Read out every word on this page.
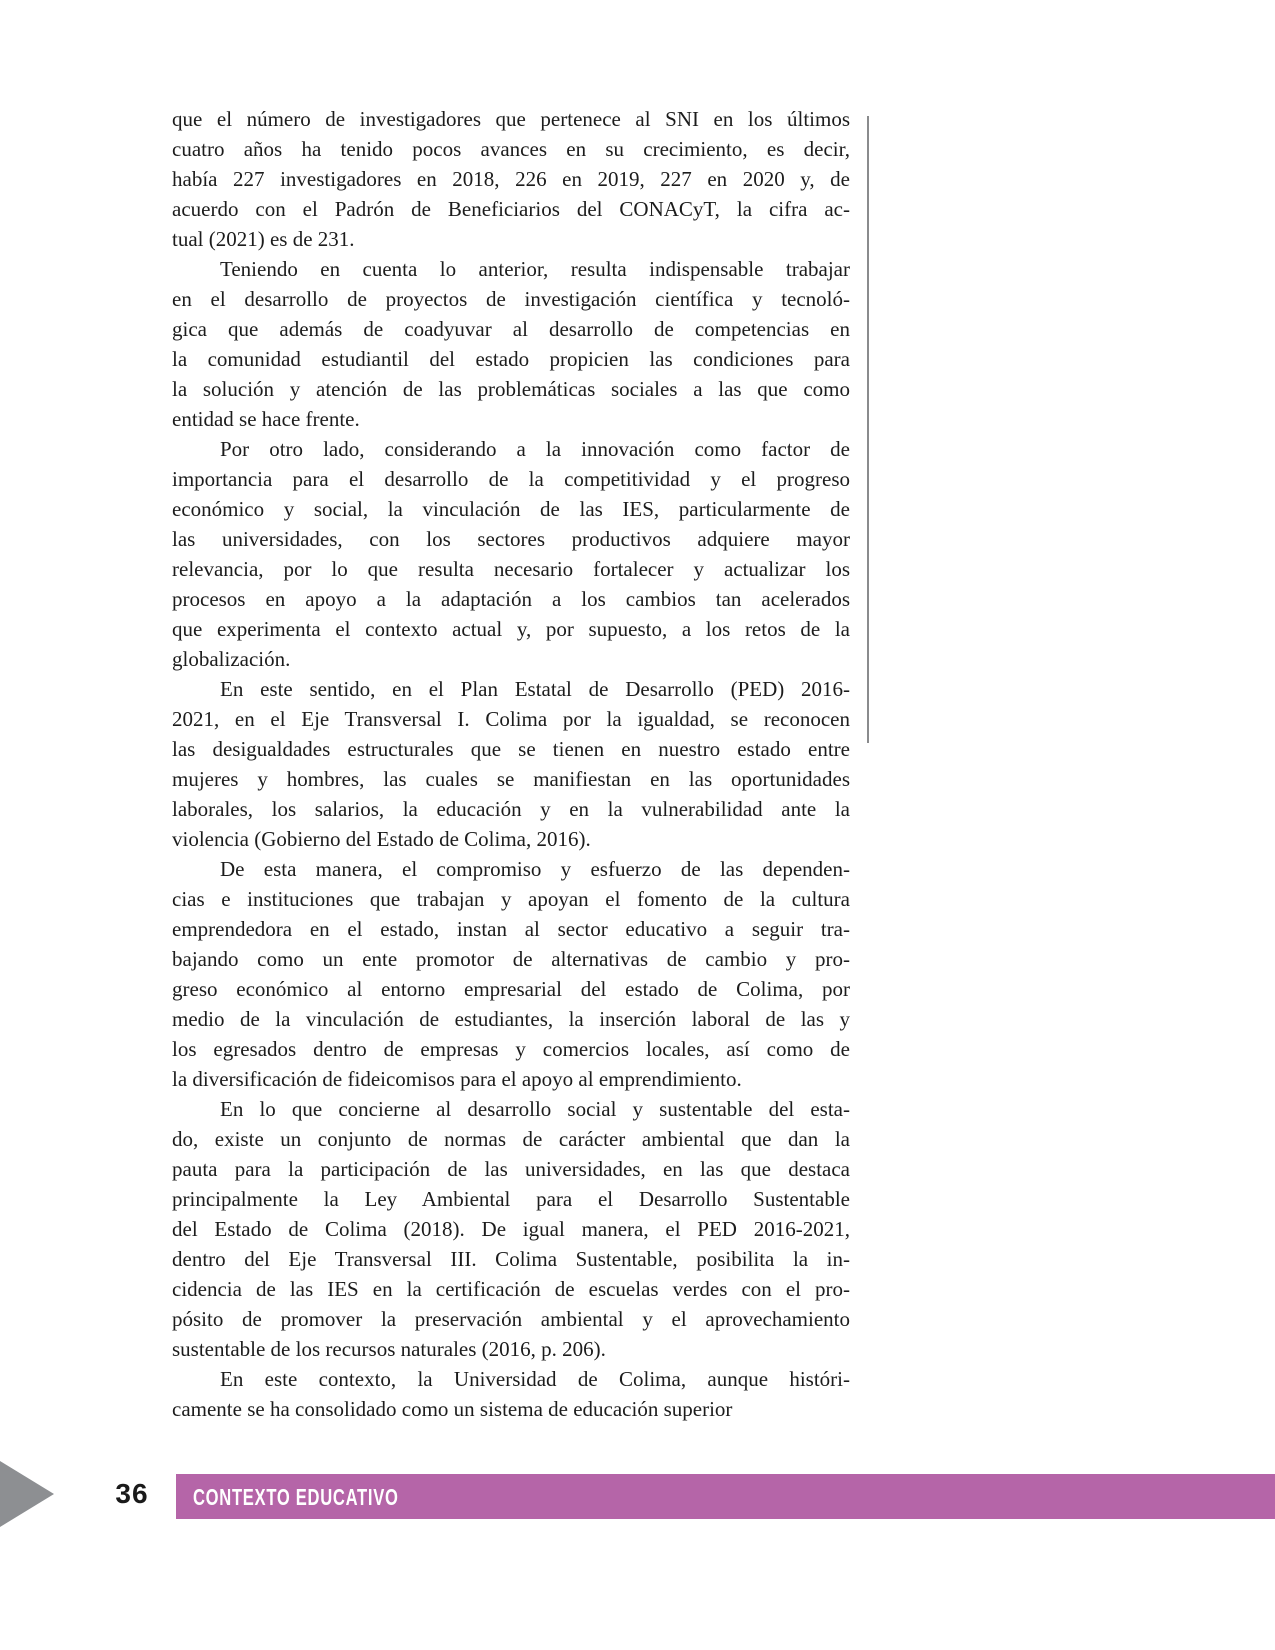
que el número de investigadores que pertenece al SNI en los últimos
cuatro años ha tenido pocos avances en su crecimiento, es decir,
había 227 investigadores en 2018, 226 en 2019, 227 en 2020 y, de
acuerdo con el Padrón de Beneficiarios del CONACyT, la cifra ac-
tual (2021) es de 231.
Teniendo en cuenta lo anterior, resulta indispensable trabajar
en el desarrollo de proyectos de investigación científica y tecnoló-
gica que además de coadyuvar al desarrollo de competencias en
la comunidad estudiantil del estado propicien las condiciones para
la solución y atención de las problemáticas sociales a las que como
entidad se hace frente.
Por otro lado, considerando a la innovación como factor de
importancia para el desarrollo de la competitividad y el progreso
económico y social, la vinculación de las IES, particularmente de
las universidades, con los sectores productivos adquiere mayor
relevancia, por lo que resulta necesario fortalecer y actualizar los
procesos en apoyo a la adaptación a los cambios tan acelerados
que experimenta el contexto actual y, por supuesto, a los retos de la
globalización.
En este sentido, en el Plan Estatal de Desarrollo (PED) 2016-
2021, en el Eje Transversal I. Colima por la igualdad, se reconocen
las desigualdades estructurales que se tienen en nuestro estado entre
mujeres y hombres, las cuales se manifiestan en las oportunidades
laborales, los salarios, la educación y en la vulnerabilidad ante la
violencia (Gobierno del Estado de Colima, 2016).
De esta manera, el compromiso y esfuerzo de las dependen-
cias e instituciones que trabajan y apoyan el fomento de la cultura
emprendedora en el estado, instan al sector educativo a seguir tra-
bajando como un ente promotor de alternativas de cambio y pro-
greso económico al entorno empresarial del estado de Colima, por
medio de la vinculación de estudiantes, la inserción laboral de las y
los egresados dentro de empresas y comercios locales, así como de
la diversificación de fideicomisos para el apoyo al emprendimiento.
En lo que concierne al desarrollo social y sustentable del esta-
do, existe un conjunto de normas de carácter ambiental que dan la
pauta para la participación de las universidades, en las que destaca
principalmente la Ley Ambiental para el Desarrollo Sustentable
del Estado de Colima (2018). De igual manera, el PED 2016-2021,
dentro del Eje Transversal III. Colima Sustentable, posibilita la in-
cidencia de las IES en la certificación de escuelas verdes con el pro-
pósito de promover la preservación ambiental y el aprovechamiento
sustentable de los recursos naturales (2016, p. 206).
En este contexto, la Universidad de Colima, aunque históri-
camente se ha consolidado como un sistema de educación superior
36	CONTEXTO EDUCATIVO
